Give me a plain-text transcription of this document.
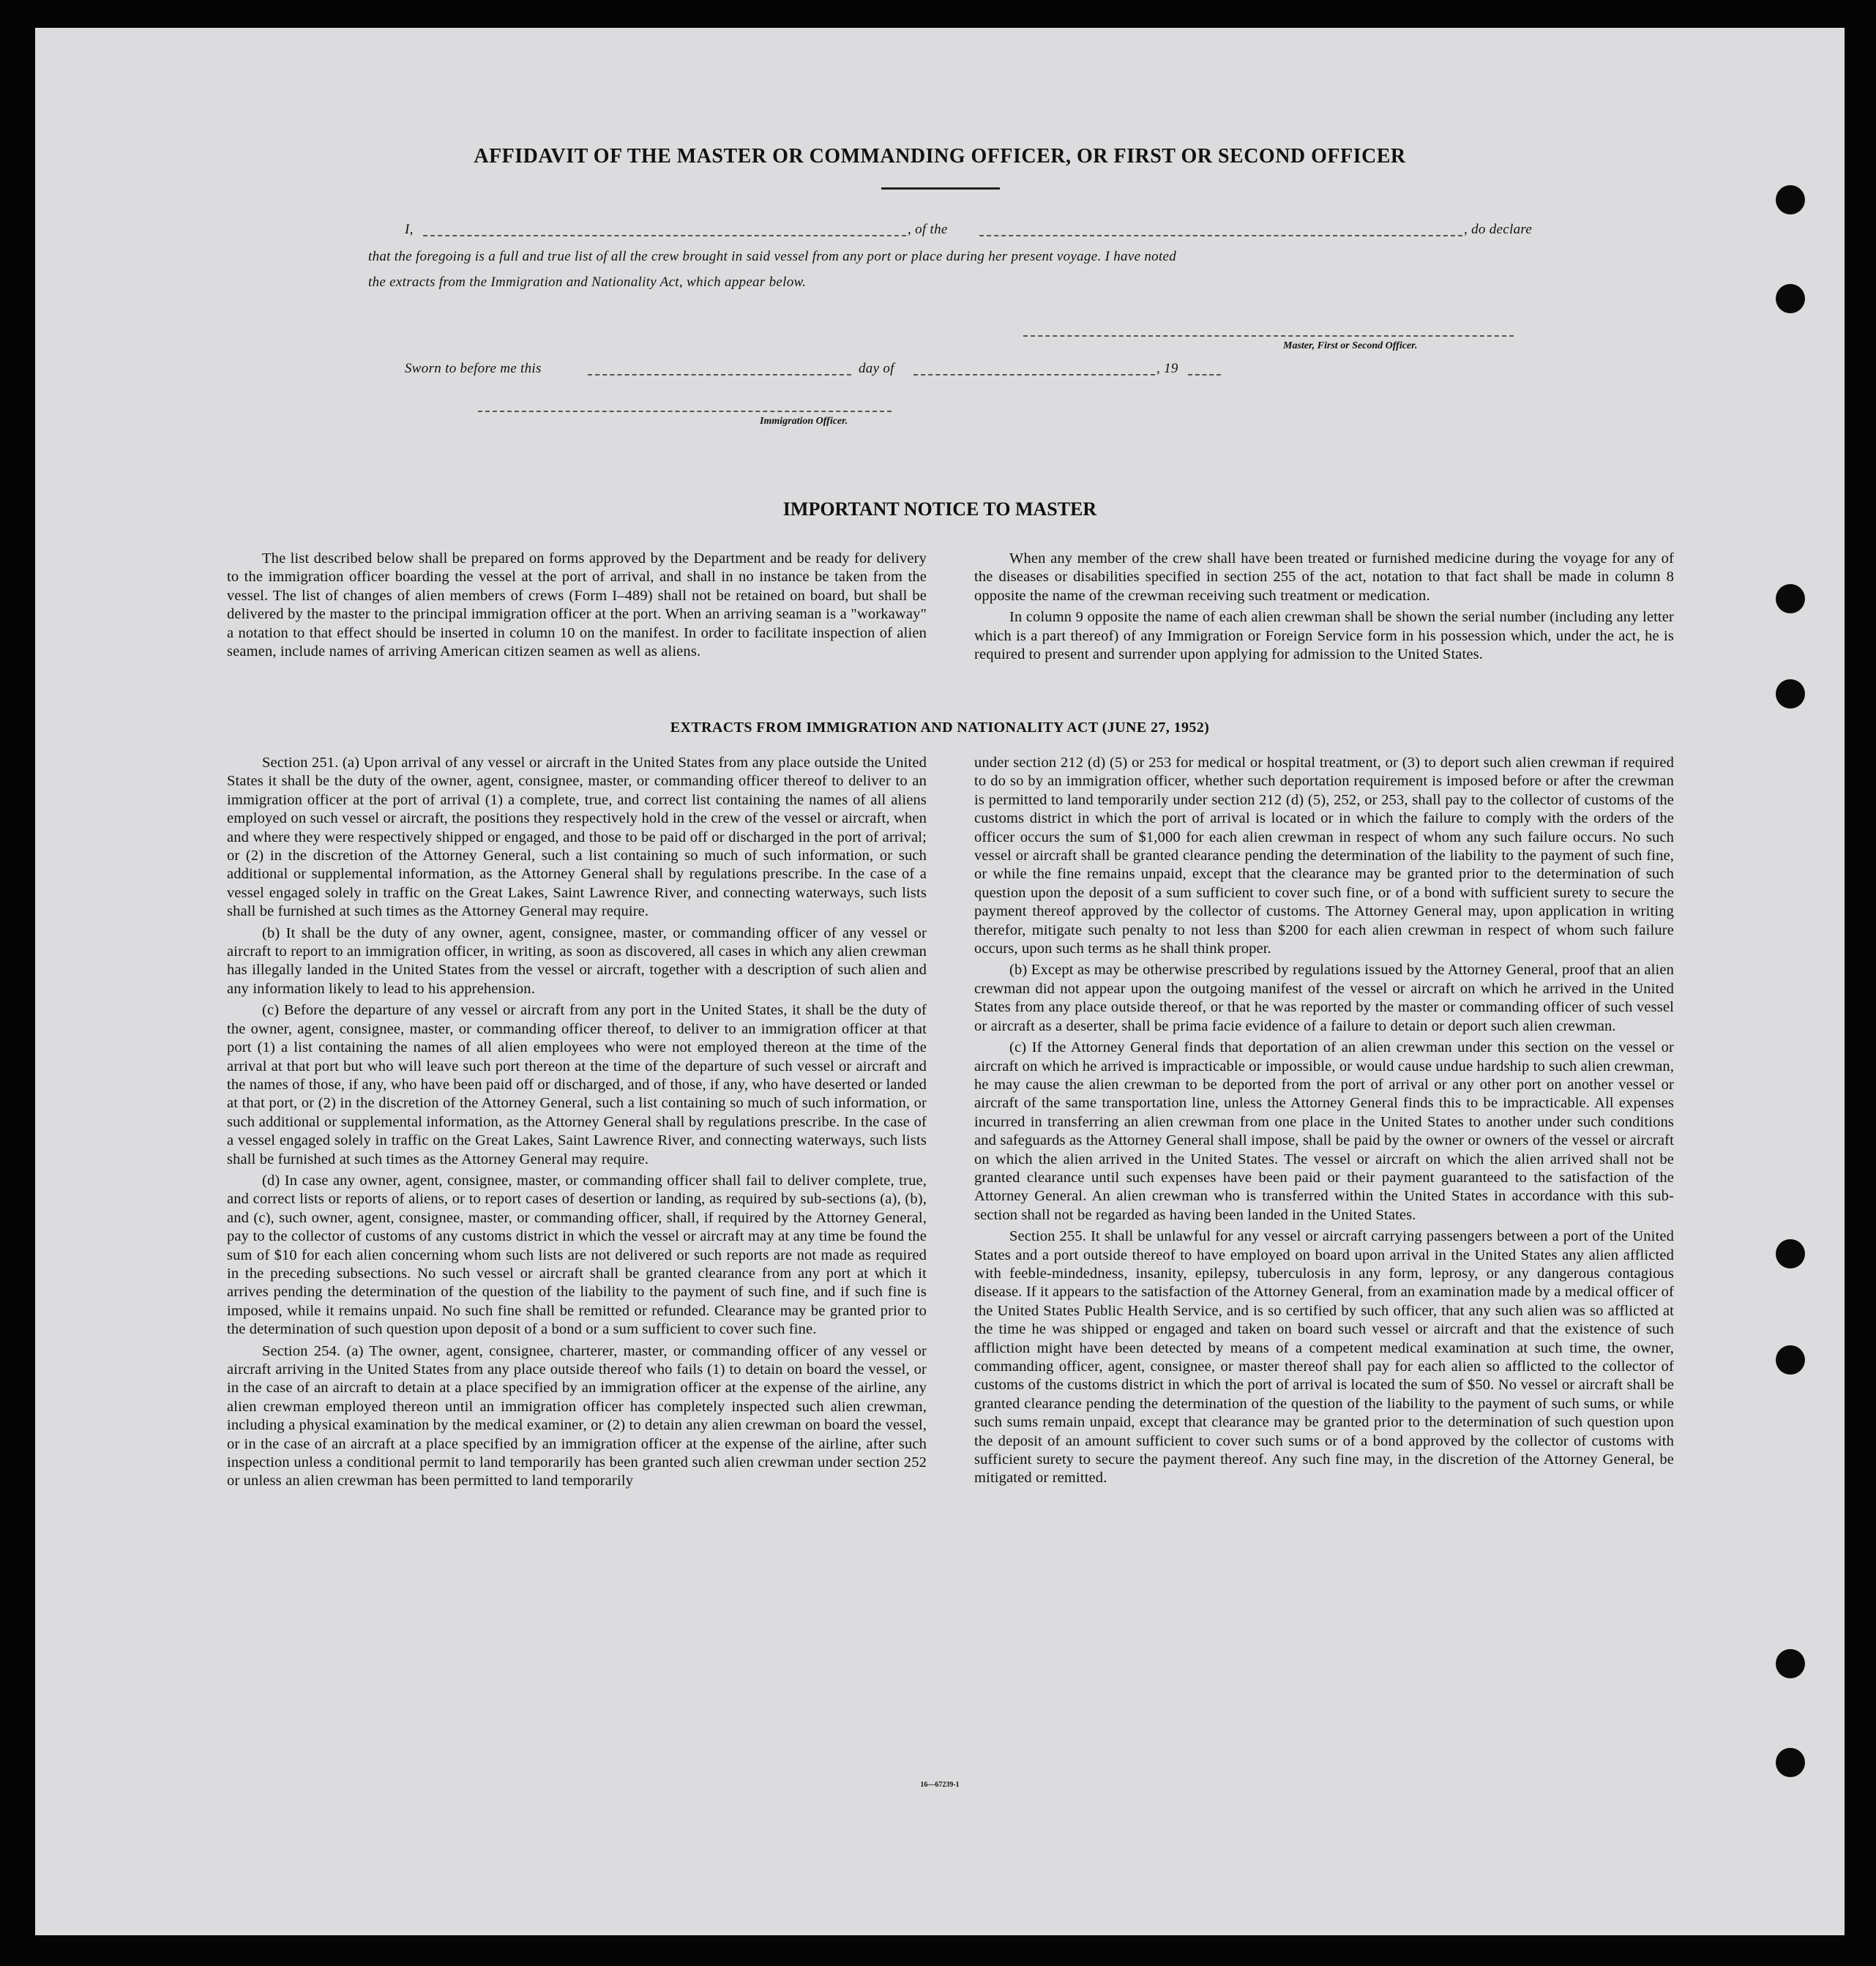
AFFIDAVIT OF THE MASTER OR COMMANDING OFFICER, OR FIRST OR SECOND OFFICER
I,	, of the	, do declare
that the foregoing is a full and true list of all the crew brought in said vessel from any port or place during her present voyage. I have noted
the extracts from the Immigration and Nationality Act, which appear below.
Master, First or Second Officer.
Sworn to before me this	day of	, 19
Immigration Officer.
IMPORTANT NOTICE TO MASTER

The list described below shall be prepared on forms approved by the Department and be ready for delivery to the immigration officer boarding the vessel at the port of arrival, and shall in no instance be taken from the vessel. The list of changes of alien members of crews (Form I–489) shall not be retained on board, but shall be delivered by the master to the principal immigration officer at the port. When an arriving seaman is a "workaway" a notation to that effect should be inserted in column 10 on the manifest. In order to facilitate inspection of alien seamen, include names of arriving American citizen seamen as well as aliens.

When any member of the crew shall have been treated or furnished medicine during the voyage for any of the diseases or disabilities specified in section 255 of the act, notation to that fact shall be made in column 8 opposite the name of the crewman receiving such treatment or medication.

In column 9 opposite the name of each alien crewman shall be shown the serial number (including any letter which is a part thereof) of any Immigration or Foreign Service form in his possession which, under the act, he is required to present and surrender upon applying for admission to the United States.

EXTRACTS FROM IMMIGRATION AND NATIONALITY ACT (JUNE 27, 1952)

Section 251. (a) Upon arrival of any vessel or aircraft in the United States from any place outside the United States it shall be the duty of the owner, agent, consignee, master, or commanding officer thereof to deliver to an immigration officer at the port of arrival (1) a complete, true, and correct list containing the names of all aliens employed on such vessel or aircraft, the positions they respectively hold in the crew of the vessel or aircraft, when and where they were respectively shipped or engaged, and those to be paid off or discharged in the port of arrival; or (2) in the discretion of the Attorney General, such a list containing so much of such information, or such additional or supplemental information, as the Attorney General shall by regulations prescribe. In the case of a vessel engaged solely in traffic on the Great Lakes, Saint Lawrence River, and connecting waterways, such lists shall be furnished at such times as the Attorney General may require.

(b) It shall be the duty of any owner, agent, consignee, master, or commanding officer of any vessel or aircraft to report to an immigration officer, in writing, as soon as discovered, all cases in which any alien crewman has illegally landed in the United States from the vessel or aircraft, together with a description of such alien and any information likely to lead to his apprehension.

(c) Before the departure of any vessel or aircraft from any port in the United States, it shall be the duty of the owner, agent, consignee, master, or commanding officer thereof, to deliver to an immigration officer at that port (1) a list containing the names of all alien employees who were not employed thereon at the time of the arrival at that port but who will leave such port thereon at the time of the departure of such vessel or aircraft and the names of those, if any, who have been paid off or discharged, and of those, if any, who have deserted or landed at that port, or (2) in the discretion of the Attorney General, such a list containing so much of such information, or such additional or supplemental information, as the Attorney General shall by regulations prescribe. In the case of a vessel engaged solely in traffic on the Great Lakes, Saint Lawrence River, and connecting waterways, such lists shall be furnished at such times as the Attorney General may require.

(d) In case any owner, agent, consignee, master, or commanding officer shall fail to deliver complete, true, and correct lists or reports of aliens, or to report cases of desertion or landing, as required by sub-sections (a), (b), and (c), such owner, agent, consignee, master, or commanding officer, shall, if required by the Attorney General, pay to the collector of customs of any customs district in which the vessel or aircraft may at any time be found the sum of $10 for each alien concerning whom such lists are not delivered or such reports are not made as required in the preceding subsections. No such vessel or aircraft shall be granted clearance from any port at which it arrives pending the determination of the question of the liability to the payment of such fine, and if such fine is imposed, while it remains unpaid. No such fine shall be remitted or refunded. Clearance may be granted prior to the determination of such question upon deposit of a bond or a sum sufficient to cover such fine.

Section 254. (a) The owner, agent, consignee, charterer, master, or commanding officer of any vessel or aircraft arriving in the United States from any place outside thereof who fails (1) to detain on board the vessel, or in the case of an aircraft to detain at a place specified by an immigration officer at the expense of the airline, any alien crewman employed thereon until an immigration officer has completely inspected such alien crewman, including a physical examination by the medical examiner, or (2) to detain any alien crewman on board the vessel, or in the case of an aircraft at a place specified by an immigration officer at the expense of the airline, after such inspection unless a conditional permit to land temporarily has been granted such alien crewman under section 252 or unless an alien crewman has been permitted to land temporarily

under section 212 (d) (5) or 253 for medical or hospital treatment, or (3) to deport such alien crewman if required to do so by an immigration officer, whether such deportation requirement is imposed before or after the crewman is permitted to land temporarily under section 212 (d) (5), 252, or 253, shall pay to the collector of customs of the customs district in which the port of arrival is located or in which the failure to comply with the orders of the officer occurs the sum of $1,000 for each alien crewman in respect of whom any such failure occurs. No such vessel or aircraft shall be granted clearance pending the determination of the liability to the payment of such fine, or while the fine remains unpaid, except that the clearance may be granted prior to the determination of such question upon the deposit of a sum sufficient to cover such fine, or of a bond with sufficient surety to secure the payment thereof approved by the collector of customs. The Attorney General may, upon application in writing therefor, mitigate such penalty to not less than $200 for each alien crewman in respect of whom such failure occurs, upon such terms as he shall think proper.

(b) Except as may be otherwise prescribed by regulations issued by the Attorney General, proof that an alien crewman did not appear upon the outgoing manifest of the vessel or aircraft on which he arrived in the United States from any place outside thereof, or that he was reported by the master or commanding officer of such vessel or aircraft as a deserter, shall be prima facie evidence of a failure to detain or deport such alien crewman.

(c) If the Attorney General finds that deportation of an alien crewman under this section on the vessel or aircraft on which he arrived is impracticable or impossible, or would cause undue hardship to such alien crewman, he may cause the alien crewman to be deported from the port of arrival or any other port on another vessel or aircraft of the same transportation line, unless the Attorney General finds this to be impracticable. All expenses incurred in transferring an alien crewman from one place in the United States to another under such conditions and safeguards as the Attorney General shall impose, shall be paid by the owner or owners of the vessel or aircraft on which the alien arrived in the United States. The vessel or aircraft on which the alien arrived shall not be granted clearance until such expenses have been paid or their payment guaranteed to the satisfaction of the Attorney General. An alien crewman who is transferred within the United States in accordance with this sub-section shall not be regarded as having been landed in the United States.

Section 255. It shall be unlawful for any vessel or aircraft carrying passengers between a port of the United States and a port outside thereof to have employed on board upon arrival in the United States any alien afflicted with feeble-mindedness, insanity, epilepsy, tuberculosis in any form, leprosy, or any dangerous contagious disease. If it appears to the satisfaction of the Attorney General, from an examination made by a medical officer of the United States Public Health Service, and is so certified by such officer, that any such alien was so afflicted at the time he was shipped or engaged and taken on board such vessel or aircraft and that the existence of such affliction might have been detected by means of a competent medical examination at such time, the owner, commanding officer, agent, consignee, or master thereof shall pay for each alien so afflicted to the collector of customs of the customs district in which the port of arrival is located the sum of $50. No vessel or aircraft shall be granted clearance pending the determination of the question of the liability to the payment of such sums, or while such sums remain unpaid, except that clearance may be granted prior to the determination of such question upon the deposit of an amount sufficient to cover such sums or of a bond approved by the collector of customs with sufficient surety to secure the payment thereof. Any such fine may, in the discretion of the Attorney General, be mitigated or remitted.

16—67239-1
